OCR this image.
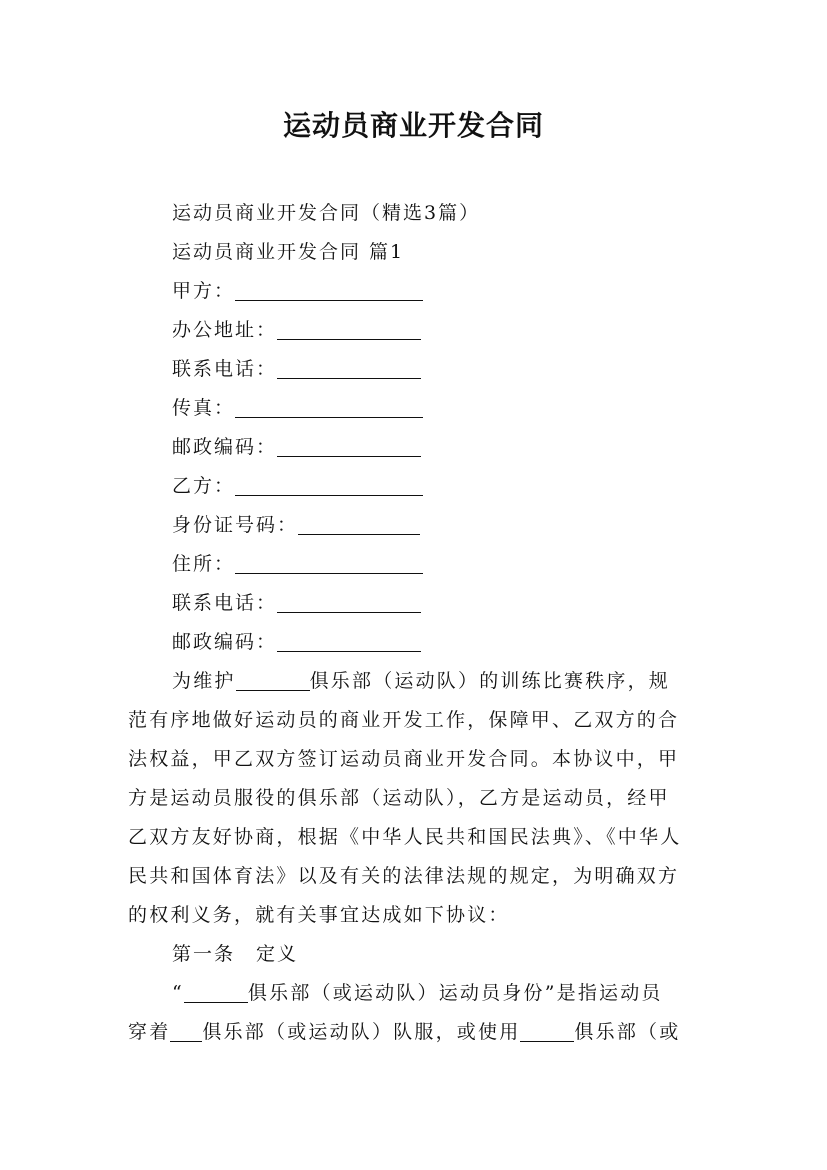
运动员商业开发合同
运动员商业开发合同（精选3篇）
运动员商业开发合同 篇1
甲方：
办公地址：
联系电话：
传真：
邮政编码：
乙方：
身份证号码：
住所：
联系电话：
邮政编码：
为维护	俱乐部（运动队）的训练比赛秩序，规
范有序地做好运动员的商业开发工作，保障甲、乙双方的合
法权益，甲乙双方签订运动员商业开发合同。本协议中，甲
方是运动员服役的俱乐部（运动队），乙方是运动员，经甲
乙双方友好协商，根据《中华人民共和国民法典》、《中华人
民共和国体育法》以及有关的法律法规的规定，为明确双方
的权利义务，就有关事宜达成如下协议：
第一条　定义
“	俱乐部（或运动队）运动员身份”是指运动员
穿着 俱乐部（或运动队）队服，或使用	俱乐部（或
